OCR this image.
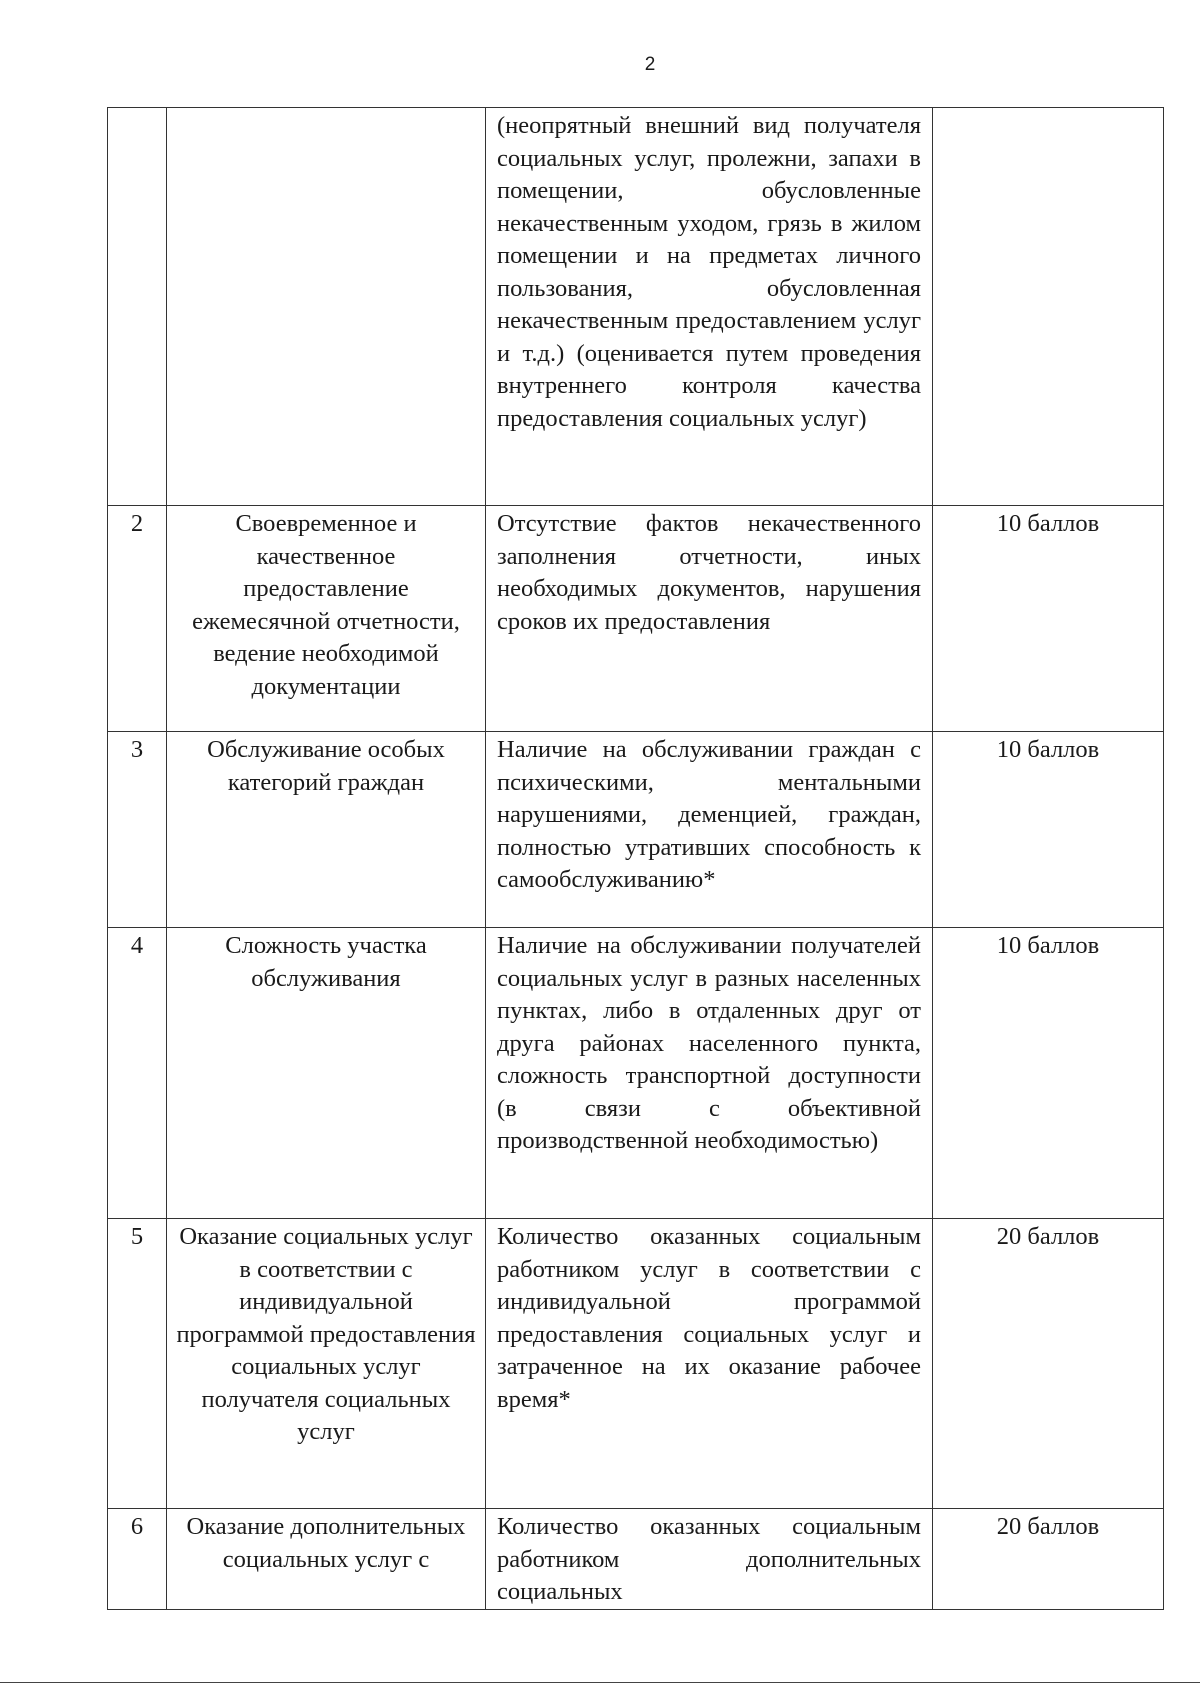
2
		(неопрятный внешний вид получателя социальных услуг, пролежни, запахи в помещении, обусловленные некачественным уходом, грязь в жилом помещении и на предметах личного пользования, обусловленная некачественным предоставлением услуг и т.д.) (оценивается путем проведения внутреннего контроля качества предоставления социальных услуг)	
2	Своевременное и качественное предоставление ежемесячной отчетности, ведение необходимой документации	Отсутствие фактов некачественного заполнения отчетности, иных необходимых документов, нарушения сроков их предоставления	10 баллов
3	Обслуживание особых категорий граждан	Наличие на обслуживании граждан с психическими, ментальными нарушениями, деменцией, граждан, полностью утративших способность к самообслуживанию*	10 баллов
4	Сложность участка обслуживания	Наличие на обслуживании получателей социальных услуг в разных населенных пунктах, либо в отдаленных друг от друга районах населенного пункта, сложность транспортной доступности (в связи с объективной производственной необходимостью)	10 баллов
5	Оказание социальных услуг в соответствии с индивидуальной программой предоставления социальных услуг получателя социальных услуг	Количество оказанных социальным работником услуг в соответствии с индивидуальной программой предоставления социальных услуг и затраченное на их оказание рабочее время*	20 баллов
6	Оказание дополнительных социальных услуг с	Количество оказанных социальным работником дополнительных социальных	20 баллов
